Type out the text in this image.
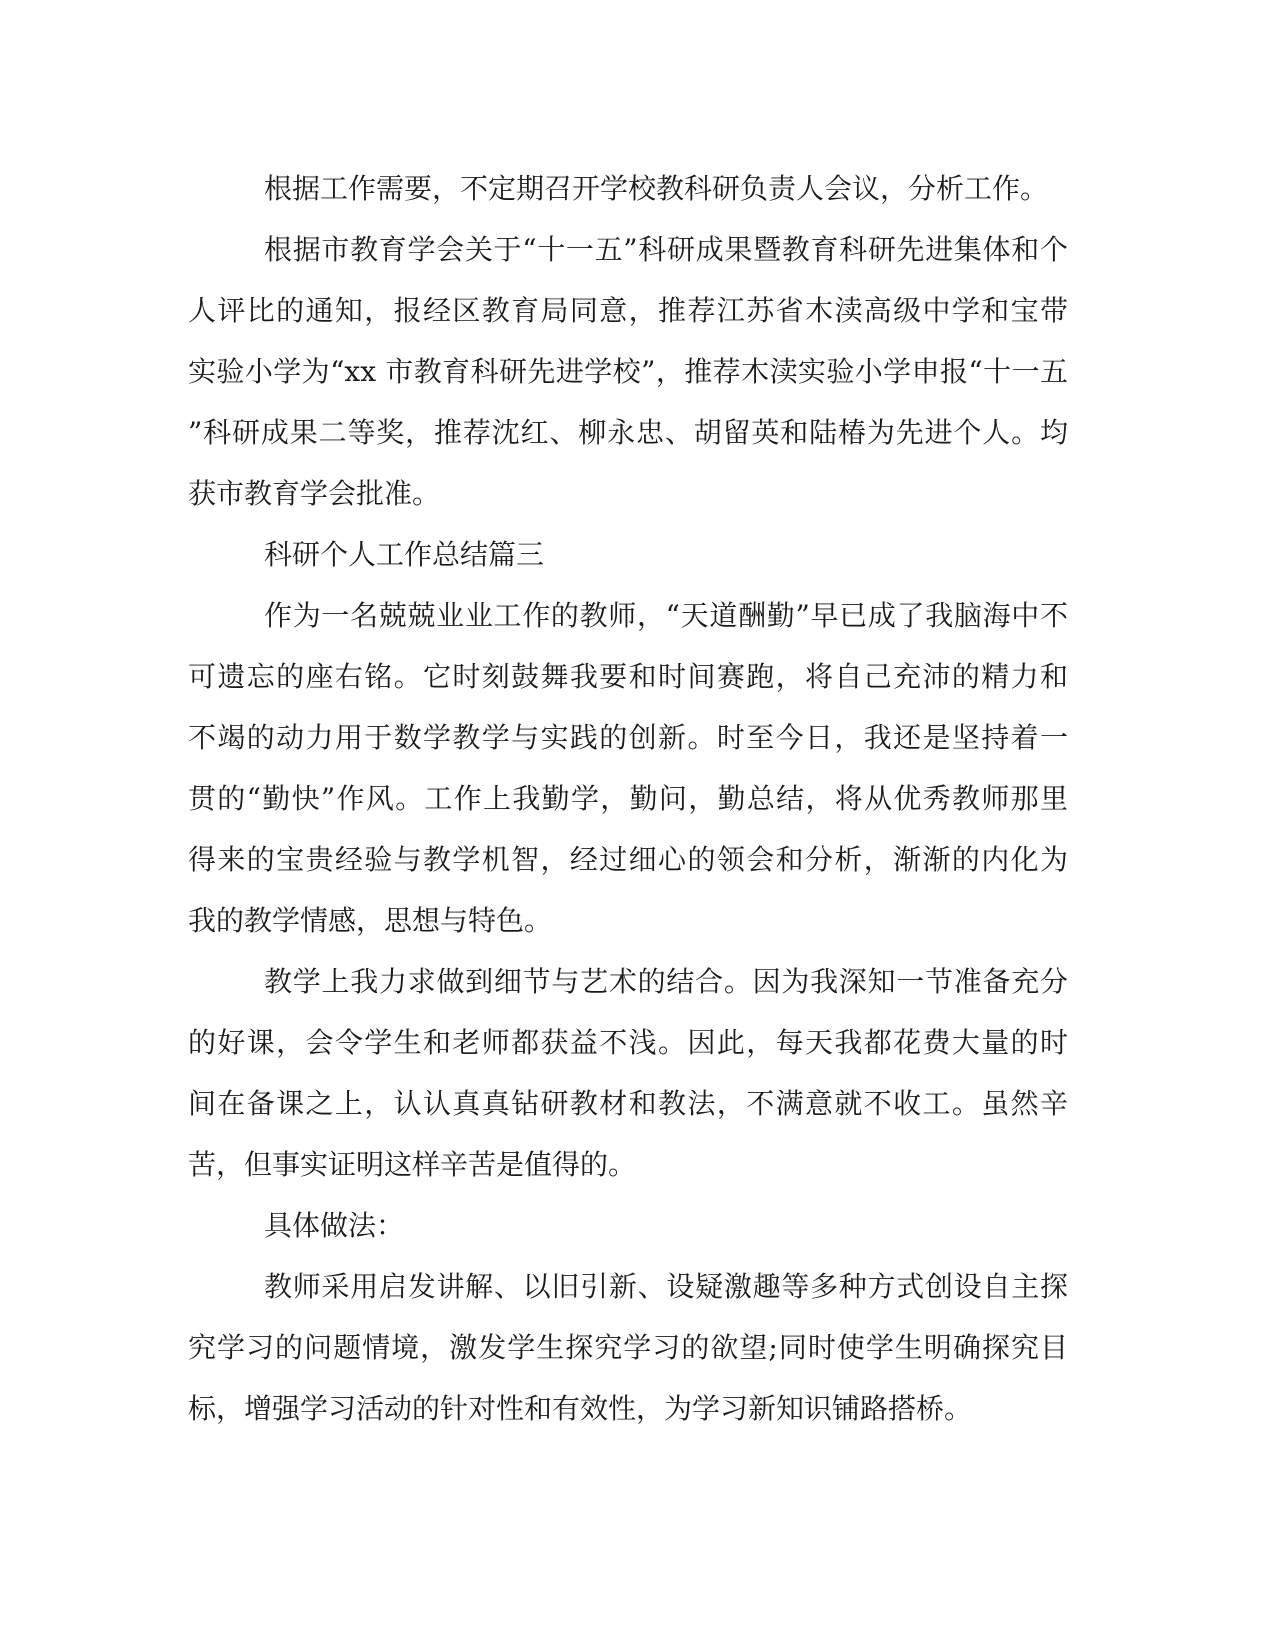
根据工作需要，不定期召开学校教科研负责人会议，分析工作。
根据市教育学会关于“十一五”科研成果暨教育科研先进集体和个
人评比的通知，报经区教育局同意，推荐江苏省木渎高级中学和宝带
实验小学为“xx 市教育科研先进学校”，推荐木渎实验小学申报“十一五
”科研成果二等奖，推荐沈红、柳永忠、胡留英和陆椿为先进个人。均
获市教育学会批准。
科研个人工作总结篇三
作为一名兢兢业业工作的教师，“天道酬勤”早已成了我脑海中不
可遗忘的座右铭。它时刻鼓舞我要和时间赛跑，将自己充沛的精力和
不竭的动力用于数学教学与实践的创新。时至今日，我还是坚持着一
贯的“勤快”作风。工作上我勤学，勤问，勤总结，将从优秀教师那里
得来的宝贵经验与教学机智，经过细心的领会和分析，渐渐的内化为
我的教学情感，思想与特色。
教学上我力求做到细节与艺术的结合。因为我深知一节准备充分
的好课，会令学生和老师都获益不浅。因此，每天我都花费大量的时
间在备课之上，认认真真钻研教材和教法，不满意就不收工。虽然辛
苦，但事实证明这样辛苦是值得的。
具体做法：
教师采用启发讲解、以旧引新、设疑激趣等多种方式创设自主探
究学习的问题情境，激发学生探究学习的欲望;同时使学生明确探究目
标，增强学习活动的针对性和有效性，为学习新知识铺路搭桥。
